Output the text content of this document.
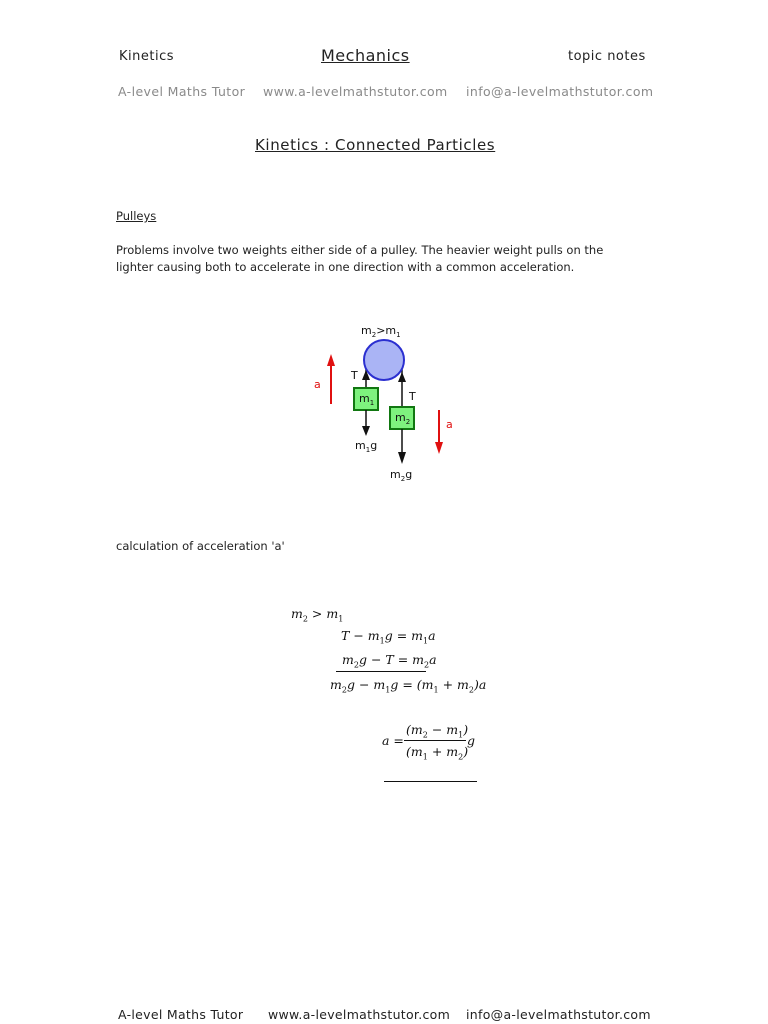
Kinetics	Mechanics	topic notes
A-level Maths Tutor www.a-levelmathstutor.com info@a-levelmathstutor.com
Kinetics : Connected Particles
Pulleys
Problems involve two weights either side of a pulley. The heavier weight pulls on the lighter causing both to accelerate in one direction with a common acceleration.
$m_2>m_1$
T
T
$m_1$
$m_2$
$m_1g$
$m_2g$
a
a
calculation of acceleration 'a'
$m_2 > m_1$
$T - m_1g = m_1a$
$m_2g - T = m_2a$
$m_2g - m_1g = (m_1 + m_2)a$
a =
$(m_2 - m_1)$
$(m_1 + m_2)$
g
A-level Maths Tutor www.a-levelmathstutor.com info@a-levelmathstutor.com
